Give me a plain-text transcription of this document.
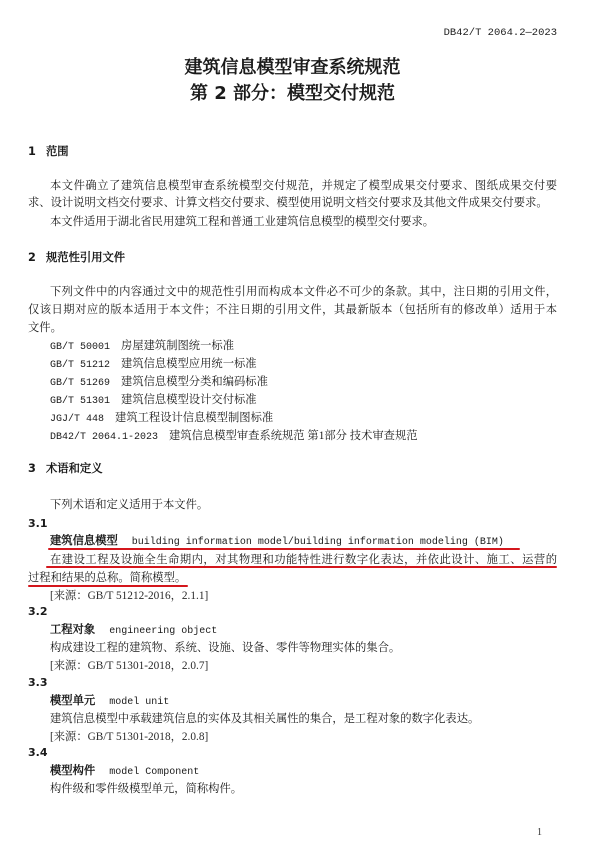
DB42/T 2064.2—2023
建筑信息模型审查系统规范
第 2 部分：模型交付规范
1 范围
本文件确立了建筑信息模型审查系统模型交付规范，并规定了模型成果交付要求、图纸成果交付要
求、设计说明文档交付要求、计算文档交付要求、模型使用说明文档交付要求及其他文件成果交付要求。
本文件适用于湖北省民用建筑工程和普通工业建筑信息模型的模型交付要求。
2 规范性引用文件
下列文件中的内容通过文中的规范性引用而构成本文件必不可少的条款。其中，注日期的引用文件，
仅该日期对应的版本适用于本文件；不注日期的引用文件，其最新版本（包括所有的修改单）适用于本
文件。
GB/T 50001 房屋建筑制图统一标准
GB/T 51212 建筑信息模型应用统一标准
GB/T 51269 建筑信息模型分类和编码标准
GB/T 51301 建筑信息模型设计交付标准
JGJ/T 448 建筑工程设计信息模型制图标准
DB42/T 2064.1-2023 建筑信息模型审查系统规范 第1部分 技术审查规范
3 术语和定义
下列术语和定义适用于本文件。
3.1
建筑信息模型 building information model/building information modeling (BIM)
在建设工程及设施全生命期内，对其物理和功能特性进行数字化表达，并依此设计、施工、运营的
过程和结果的总称。简称模型。
[来源：GB/T 51212-2016，2.1.1]
3.2
工程对象 engineering object
构成建设工程的建筑物、系统、设施、设备、零件等物理实体的集合。
[来源：GB/T 51301-2018，2.0.7]
3.3
模型单元 model unit
建筑信息模型中承载建筑信息的实体及其相关属性的集合，是工程对象的数字化表达。
[来源：GB/T 51301-2018，2.0.8]
3.4
模型构件 model Component
构件级和零件级模型单元，简称构件。
1
